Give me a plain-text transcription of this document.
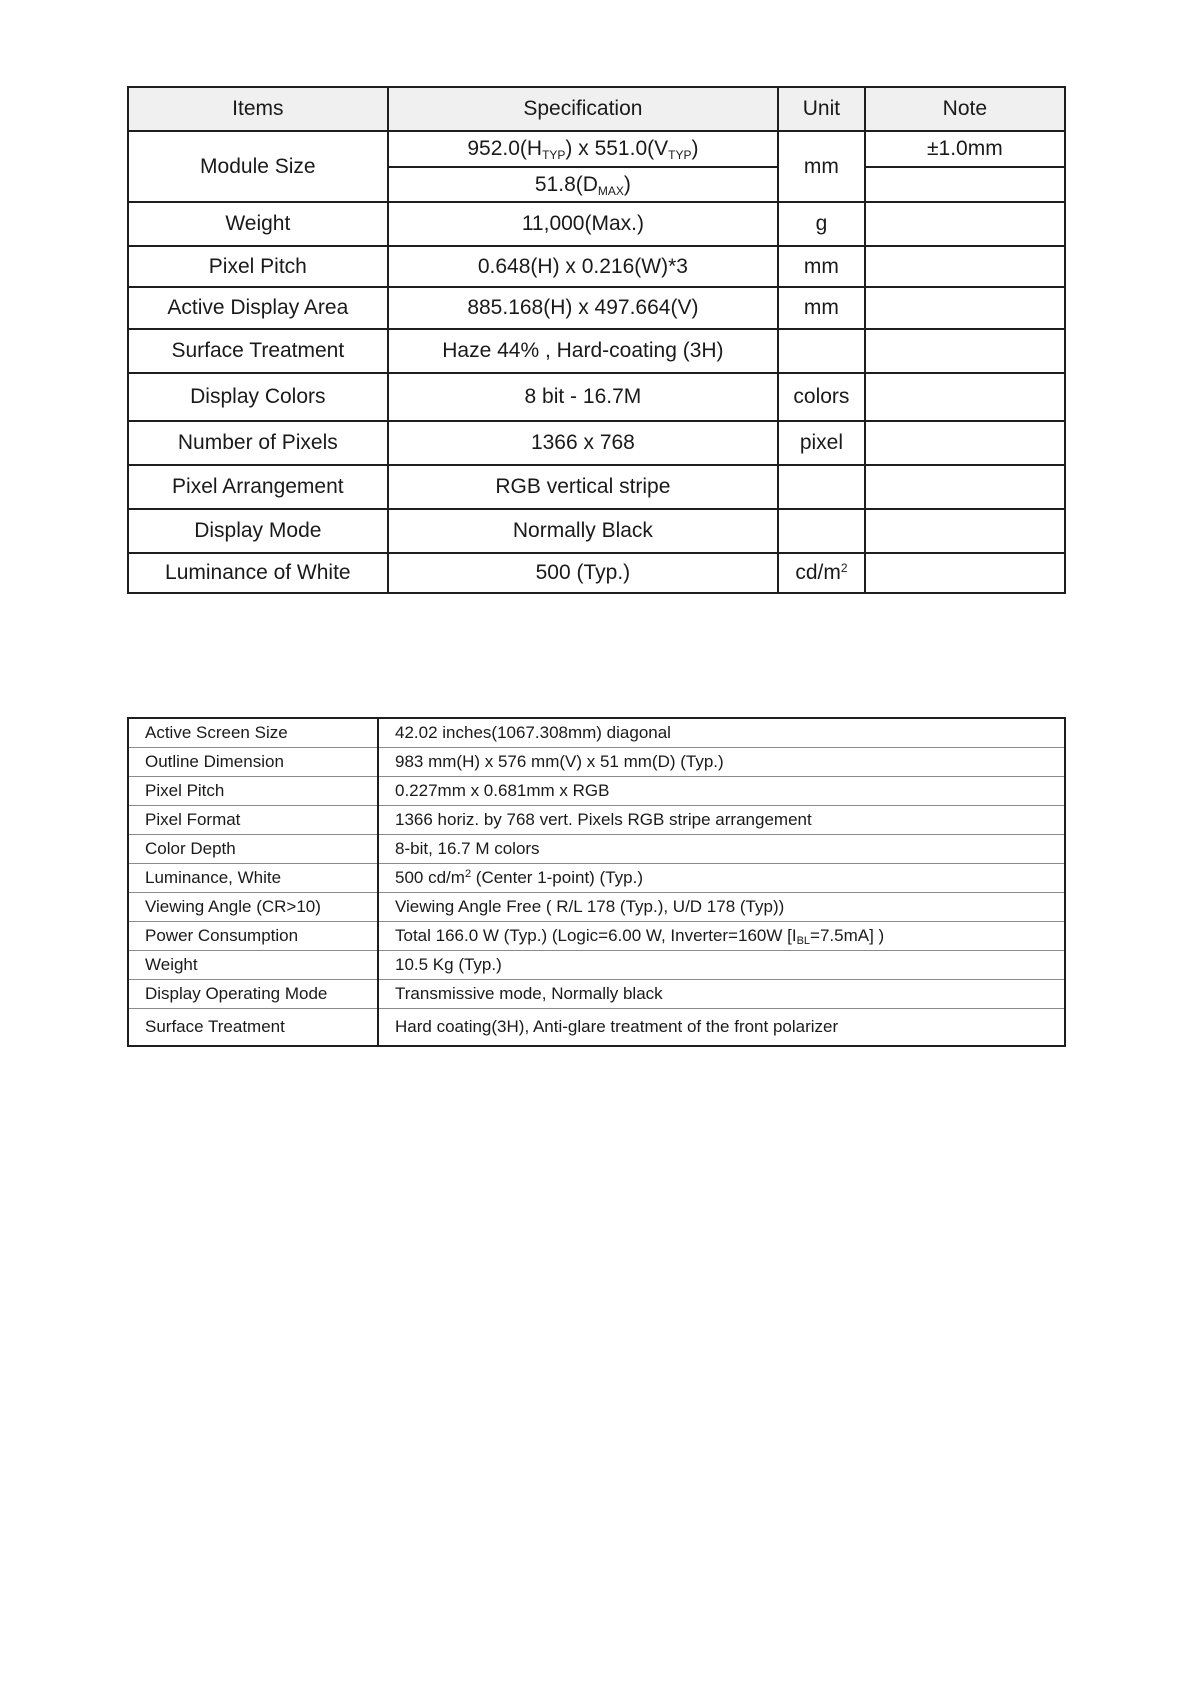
Items	Specification	Unit	Note
Module Size	$952.0(H_{TYP})$ x $551.0(V_{TYP})$	mm	±1.0mm
	$51.8(D_{MAX})$		
Weight	11,000(Max.)	g	
Pixel Pitch	0.648(H) x 0.216(W)*3	mm	
Active Display Area	885.168(H) x 497.664(V)	mm	
Surface Treatment	Haze 44% , Hard-coating (3H)		
Display Colors	8 bit - 16.7M	colors	
Number of Pixels	1366 x 768	pixel	
Pixel Arrangement	RGB vertical stripe		
Display Mode	Normally Black		
Luminance of White	500 (Typ.)	$cd/m^2$	
Active Screen Size	42.02 inches(1067.308mm) diagonal
Outline Dimension	983 mm(H) x 576 mm(V) x 51 mm(D) (Typ.)
Pixel Pitch	0.227mm x 0.681mm x RGB
Pixel Format	1366 horiz. by 768 vert. Pixels RGB stripe arrangement
Color Depth	8-bit, 16.7 M colors
Luminance, White	500 $cd/m^2$ (Center 1-point) (Typ.)
Viewing Angle (CR>10)	Viewing Angle Free ( R/L 178 (Typ.), U/D 178 (Typ))
Power Consumption	Total 166.0 W (Typ.) (Logic=6.00 W, Inverter=160W $[I_{BL}=7.5mA]$ )
Weight	10.5 Kg (Typ.)
Display Operating Mode	Transmissive mode, Normally black
Surface Treatment	Hard coating(3H), Anti-glare treatment of the front polarizer
